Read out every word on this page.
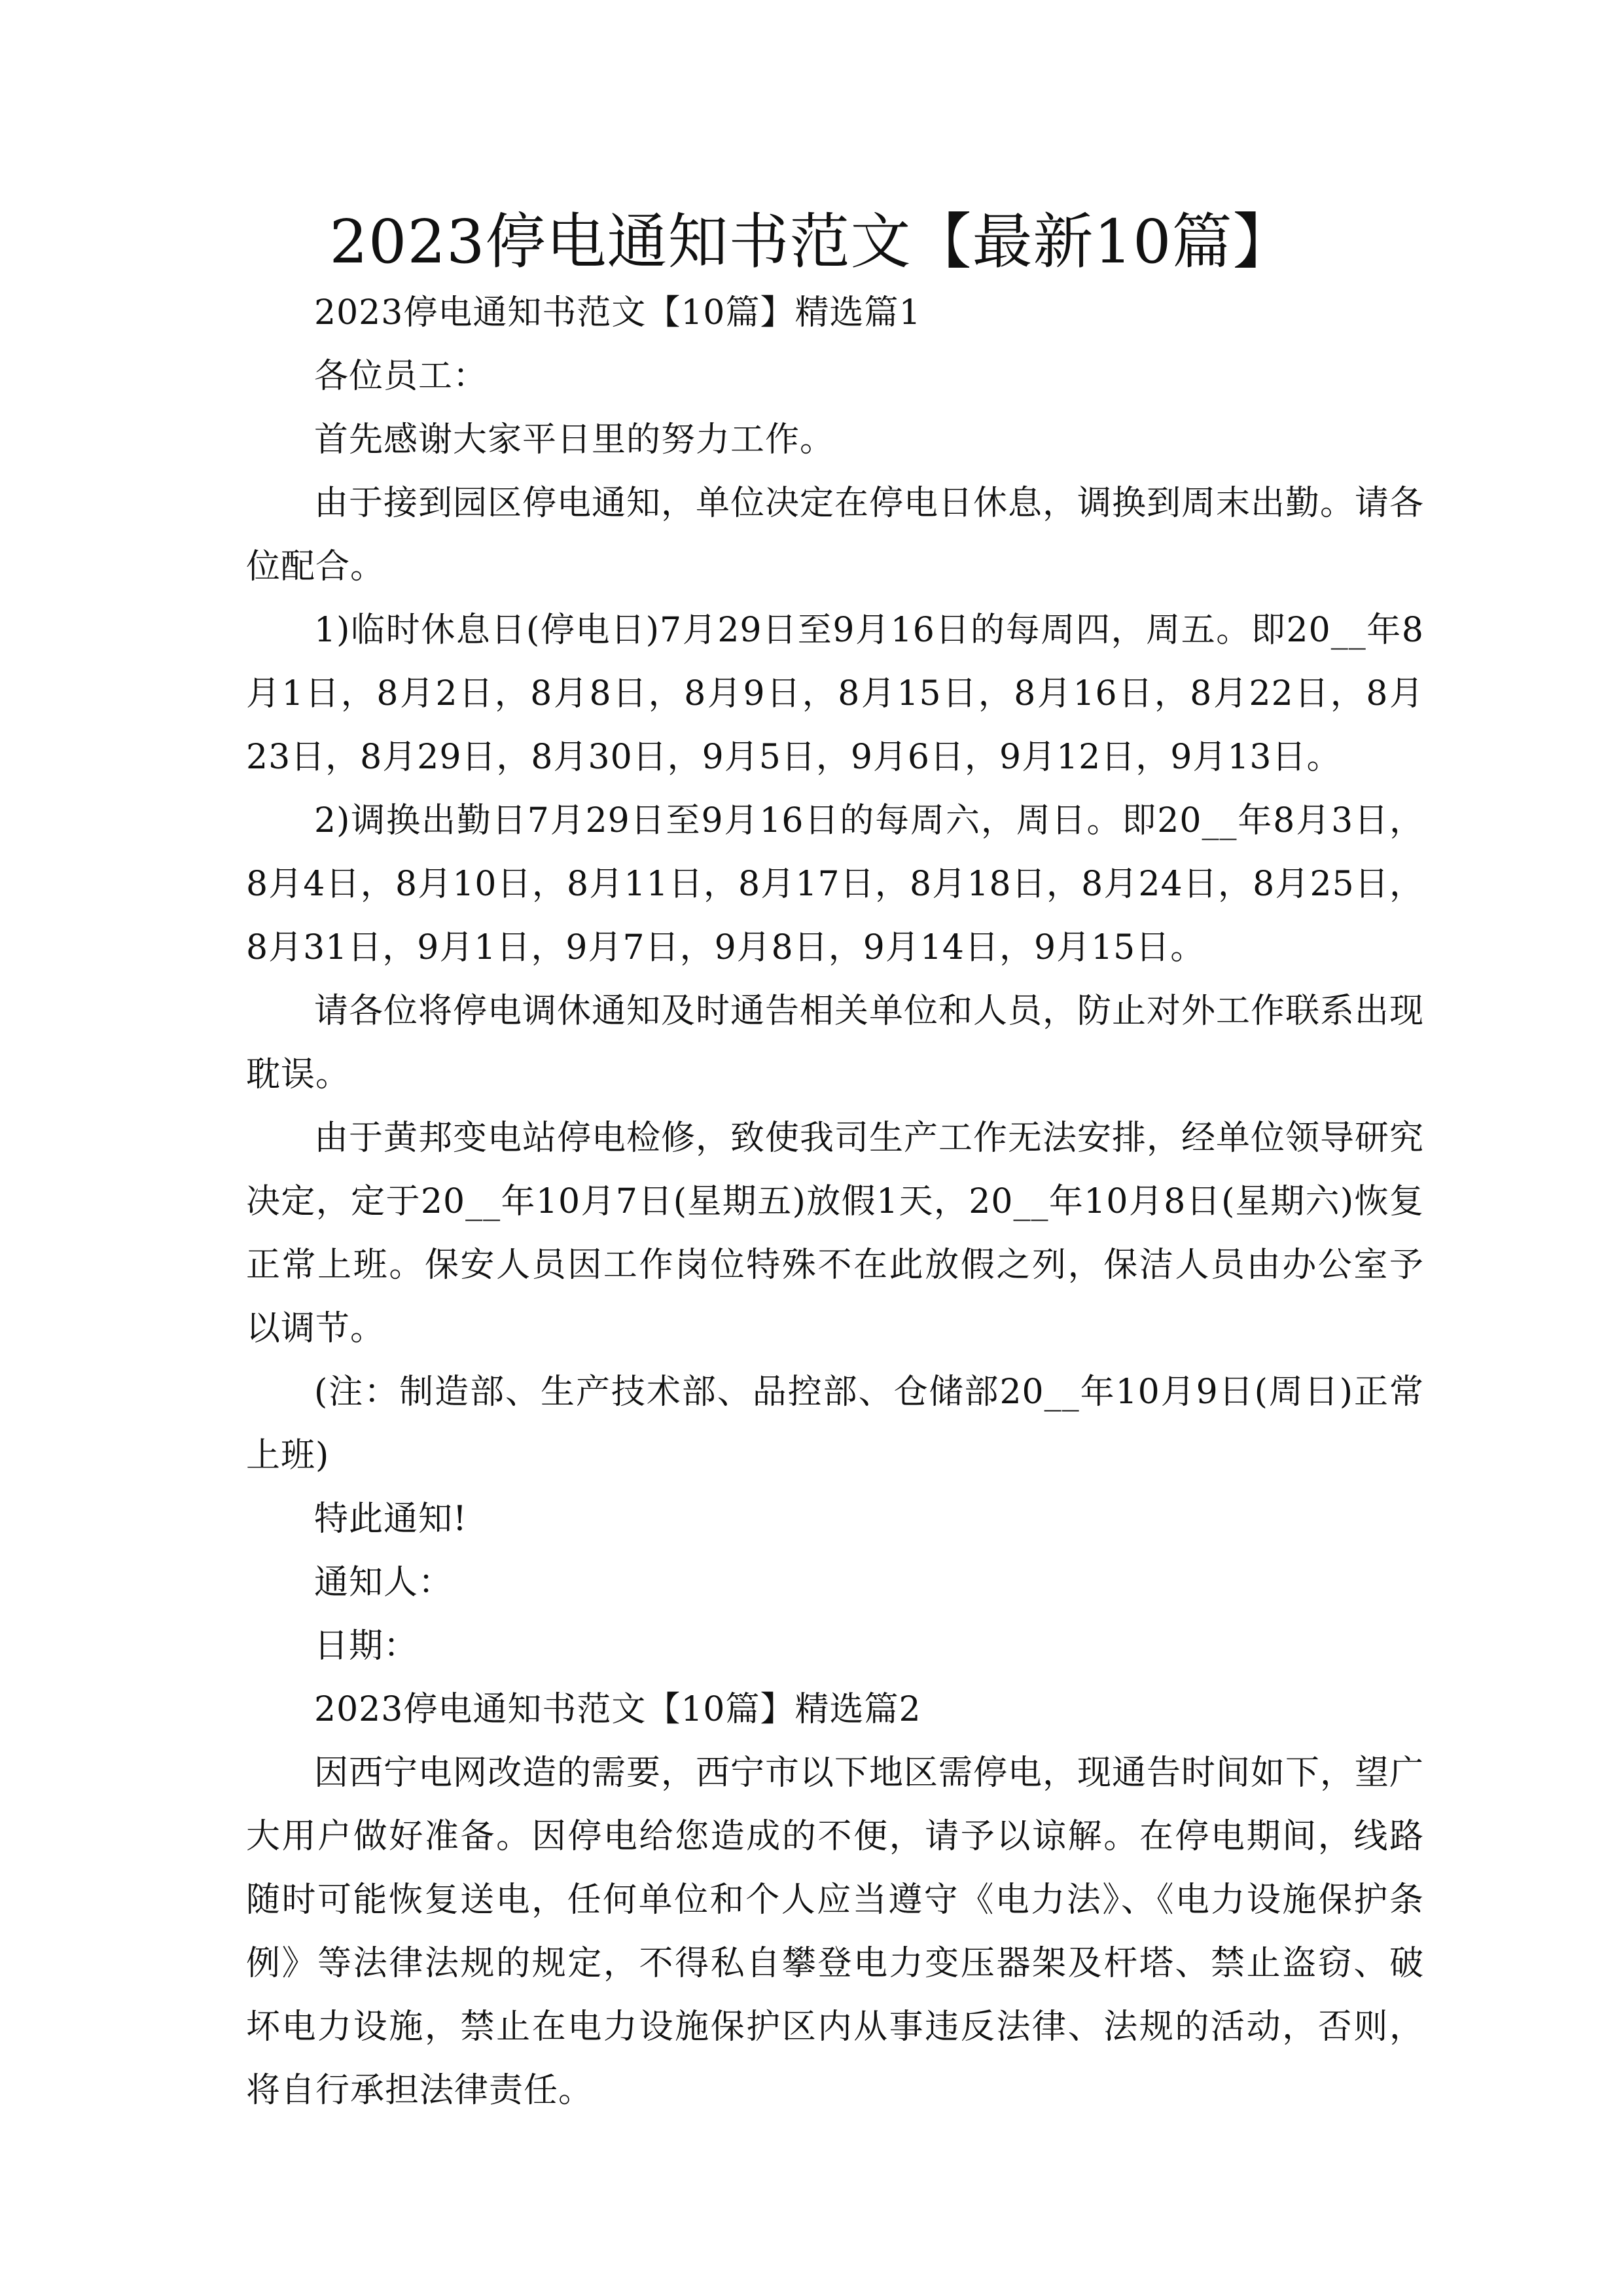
2023停电通知书范文【最新10篇】

2023停电通知书范文【10篇】精选篇1

各位员工：

首先感谢大家平日里的努力工作。

由于接到园区停电通知，单位决定在停电日休息，调换到周末出勤。请各位配合。

1)临时休息日(停电日)7月29日至9月16日的每周四，周五。即20__年8月1日，8月2日，8月8日，8月9日，8月15日，8月16日，8月22日，8月23日，8月29日，8月30日，9月5日，9月6日，9月12日，9月13日。

2)调换出勤日7月29日至9月16日的每周六，周日。即20__年8月3日，8月4日，8月10日，8月11日，8月17日，8月18日，8月24日，8月25日，8月31日，9月1日，9月7日，9月8日，9月14日，9月15日。

请各位将停电调休通知及时通告相关单位和人员，防止对外工作联系出现耽误。

由于黄邦变电站停电检修，致使我司生产工作无法安排，经单位领导研究决定，定于20__年10月7日(星期五)放假1天，20__年10月8日(星期六)恢复正常上班。保安人员因工作岗位特殊不在此放假之列，保洁人员由办公室予以调节。

(注：制造部、生产技术部、品控部、仓储部20__年10月9日(周日)正常上班)

特此通知!

通知人：

日期：

2023停电通知书范文【10篇】精选篇2

因西宁电网改造的需要，西宁市以下地区需停电，现通告时间如下，望广大用户做好准备。因停电给您造成的不便，请予以谅解。在停电期间，线路随时可能恢复送电，任何单位和个人应当遵守《电力法》、《电力设施保护条例》等法律法规的规定，不得私自攀登电力变压器架及杆塔、禁止盗窃、破坏电力设施，禁止在电力设施保护区内从事违反法律、法规的活动，否则，将自行承担法律责任。
